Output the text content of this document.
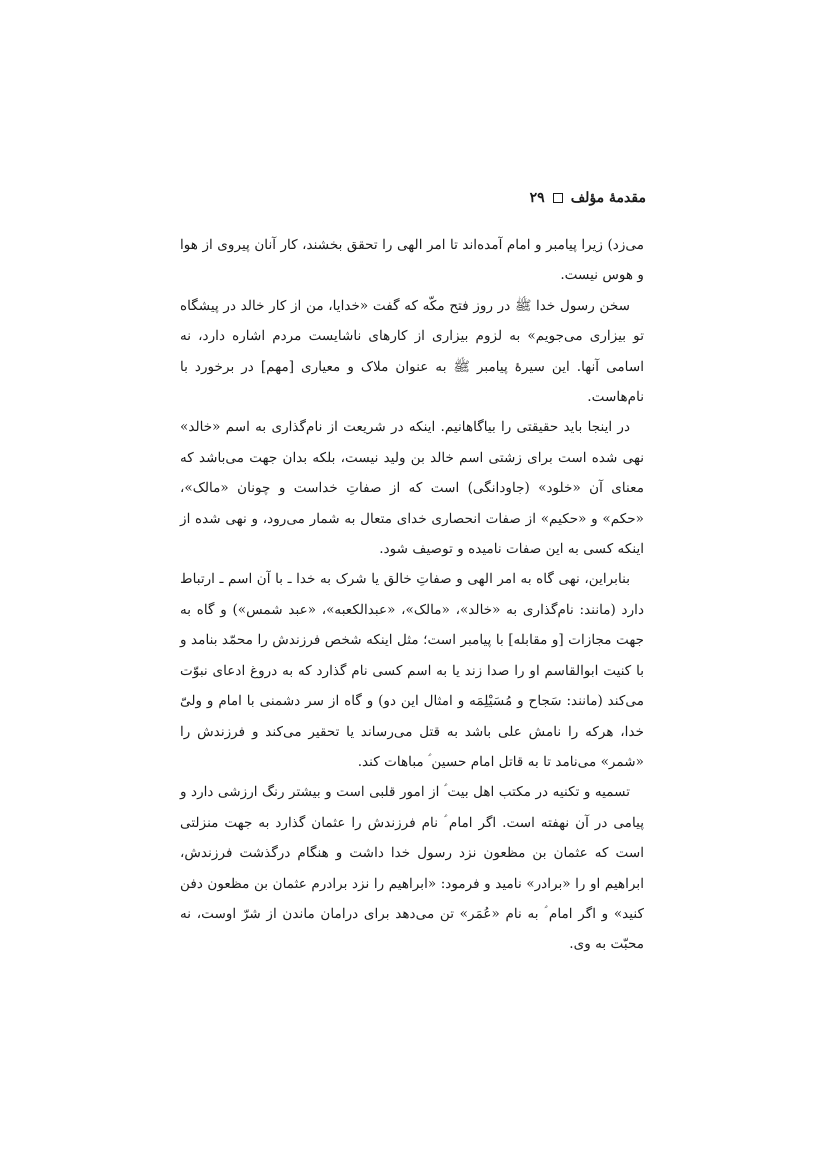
مقدمهٔ مؤلف
۲۹

می‌زد) زیرا پیامبر و امام آمده‌اند تا امر الهی را تحقق بخشند، کار آنان پیروی از هوا و هوس نیست.

سخن رسول خدا ﷺ در روز فتح مکّه که گفت «خدایا، من از کار خالد در پیشگاه تو بیزاری می‌جویم» به لزوم بیزاری از کارهای ناشایست مردم اشاره دارد، نه اسامی آنها. این سیرهٔ پیامبر ﷺ به عنوان ملاک و معیاری [مهم] در برخورد با نام‌هاست.

در اینجا باید حقیقتی را بیاگاهانیم. اینکه در شریعت از نام‌گذاری به اسم «خالد» نهی شده است برای زشتی اسم خالد بن ولید نیست، بلکه بدان جهت می‌باشد که معنای آن «خلود» (جاودانگی) است که از صفاتِ خداست و چونان «مالک»، «حکم» و «حکیم» از صفات انحصاری خدای متعال به شمار می‌رود، و نهی شده از اینکه کسی به این صفات نامیده و توصیف شود.

بنابراین، نهی گاه به امر الهی و صفاتِ خالق یا شرک به خدا ـ با آن اسم ـ ارتباط دارد (مانند: نام‌گذاری به «خالد»، «مالک»، «عبدالکعبه»، «عبد شمس») و گاه به جهت مجازات [و مقابله] با پیامبر است؛ مثل اینکه شخص فرزندش را محمّد بنامد و با کنیت ابوالقاسم او را صدا زند یا به اسم کسی نام گذارد که به دروغ ادعای نبوّت می‌کند (مانند: سَجاح و مُسَیْلِمَه و امثال این دو) و گاه از سر دشمنی با امام و ولیّ خدا، هرکه را نامش علی باشد به قتل می‌رساند یا تحقیر می‌کند و فرزندش را «شمر» می‌نامد تا به قاتل امام حسین ؑ مباهات کند.

تسمیه و تکنیه در مکتب اهل بیت ؑ از امور قلبی است و بیشتر رنگ ارزشی دارد و پیامی در آن نهفته است. اگر امام ؑ نام فرزندش را عثمان گذارد به جهت منزلتی است که عثمان بن مظعون نزد رسول خدا داشت و هنگام درگذشت فرزندش، ابراهیم او را «برادر» نامید و فرمود: «ابراهیم را نزد برادرم عثمان بن مظعون دفن کنید» و اگر امام ؑ به نام «عُمَر» تن می‌دهد برای درامان ماندن از شرّ اوست، نه محبّت به وی.
